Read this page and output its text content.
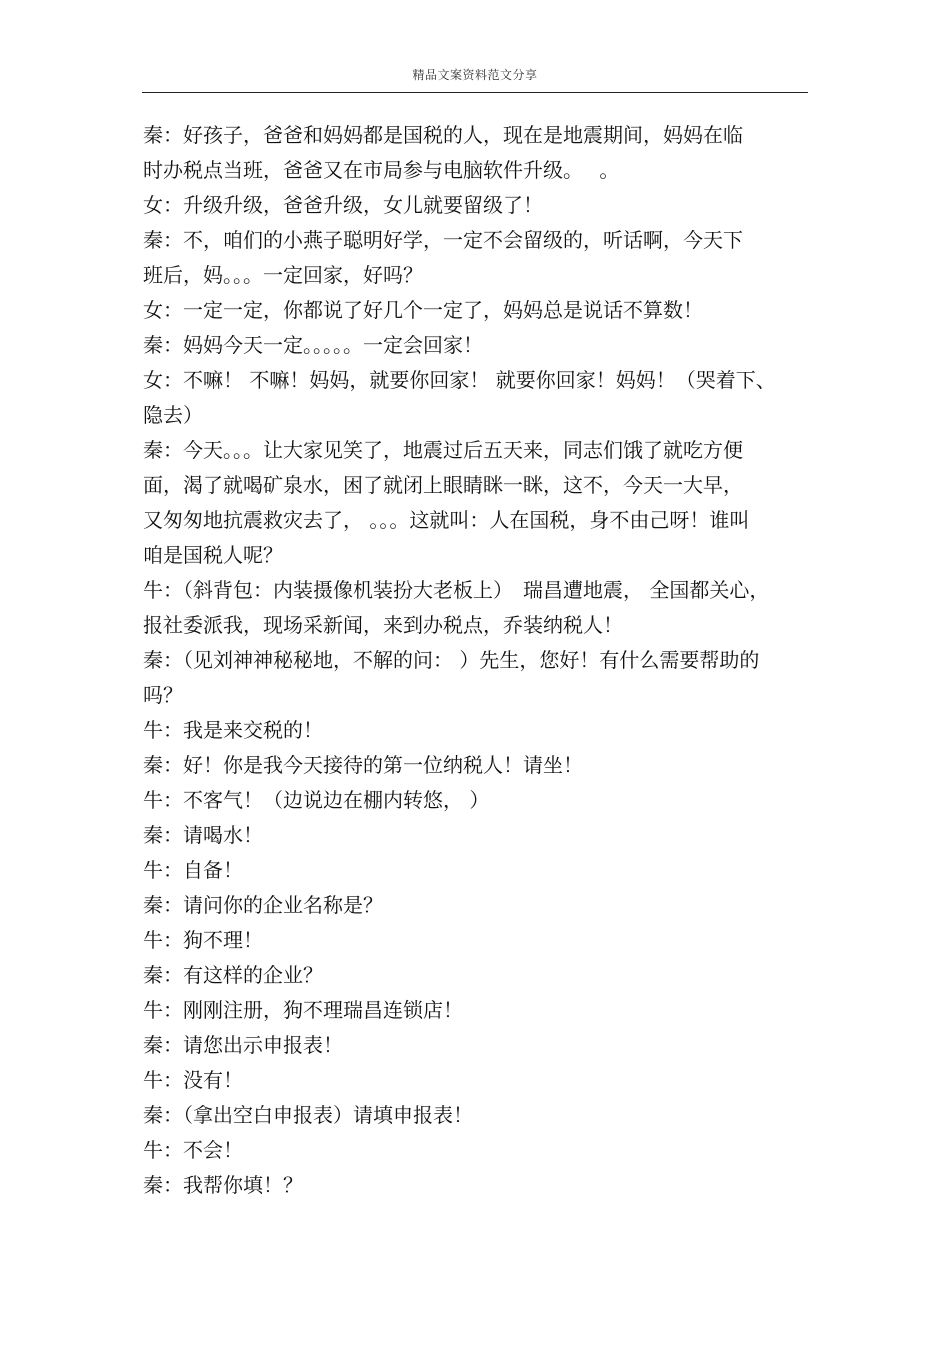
精品文案资料范文分享
秦：好孩子，爸爸和妈妈都是国税的人，现在是地震期间，妈妈在临
时办税点当班，爸爸又在市局参与电脑软件升级。　 。
女：升级升级，爸爸升级，女儿就要留级了！
秦：不，咱们的小燕子聪明好学，一定不会留级的，听话啊，今天下
班后，妈。。。一定回家，好吗？
女：一定一定，你都说了好几个一定了，妈妈总是说话不算数！
秦：妈妈今天一定。。。。。一定会回家！
女：不嘛！ 不嘛！妈妈，就要你回家！ 就要你回家！妈妈！（哭着下、
隐去）
秦：今天。。。让大家见笑了，地震过后五天来，同志们饿了就吃方便
面，渴了就喝矿泉水，困了就闭上眼睛眯一眯，这不，今天一大早，
又匆匆地抗震救灾去了， 。。。这就叫：人在国税，身不由己呀！谁叫
咱是国税人呢？
牛：（斜背包：内装摄像机装扮大老板上）　瑞昌遭地震， 全国都关心，
报社委派我，现场采新闻，来到办税点，乔装纳税人！
秦：（见刘神神秘秘地，不解的问： ）先生，您好！有什么需要帮助的
吗？
牛：我是来交税的！
秦：好！你是我今天接待的第一位纳税人！请坐！
牛：不客气！（边说边在棚内转悠， ）
秦：请喝水！
牛：自备！
秦：请问你的企业名称是？
牛：狗不理！
秦：有这样的企业？
牛：刚刚注册，狗不理瑞昌连锁店！
秦：请您出示申报表！
牛：没有！
秦：（拿出空白申报表）请填申报表！
牛：不会！
秦：我帮你填！？
